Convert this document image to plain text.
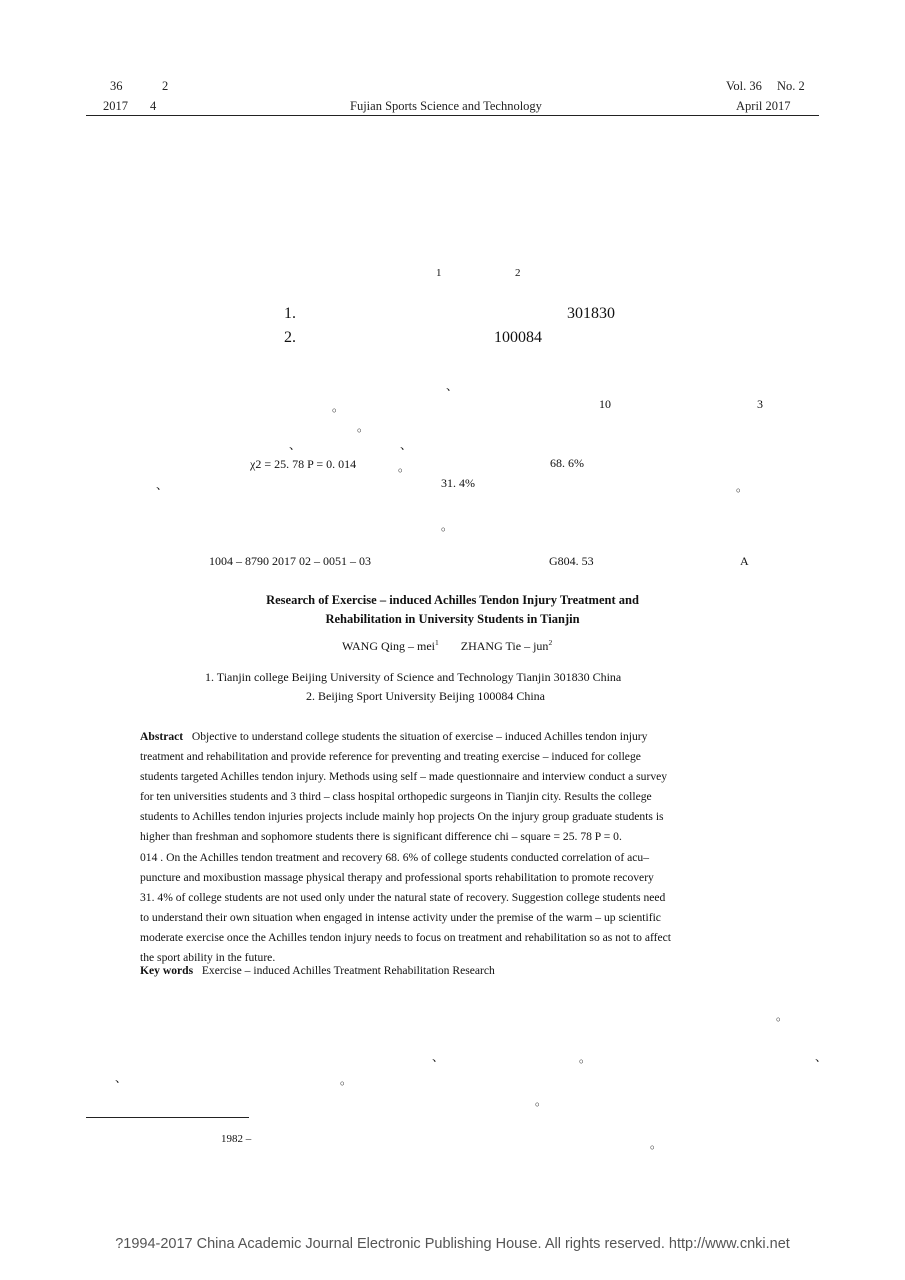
36	2
2017 4	Fujian Sports Science and Technology
Vol. 36 No. 2
April 2017
1	2
1.	301830
2.	100084
、
。	10	3
。
、	、
χ2 = 25. 78 P = 0. 014	。	68. 6%
、	31. 4%	。
。
1004 – 8790 2017 02 – 0051 – 03	G804. 53	A
Research of Exercise – induced Achilles Tendon Injury Treatment and
Rehabilitation in University Students in Tianjin
WANG Qing – mei$^1$ ZHANG Tie – jun$^2$
1. Tianjin college Beijing University of Science and Technology Tianjin 301830 China
2. Beijing Sport University Beijing 100084 China
Abstract Objective to understand college students the situation of exercise – induced Achilles tendon injury
treatment and rehabilitation and provide reference for preventing and treating exercise – induced for college
students targeted Achilles tendon injury. Methods using self – made questionnaire and interview conduct a survey
for ten universities students and 3 third – class hospital orthopedic surgeons in Tianjin city. Results the college
students to Achilles tendon injuries projects include mainly hop projects On the injury group graduate students is
higher than freshman and sophomore students there is significant difference chi – square = 25. 78 P = 0.
014 . On the Achilles tendon treatment and recovery 68. 6% of college students conducted correlation of acu–
puncture and moxibustion massage physical therapy and professional sports rehabilitation to promote recovery
31. 4% of college students are not used only under the natural state of recovery. Suggestion college students need
to understand their own situation when engaged in intense activity under the premise of the warm – up scientific
moderate exercise once the Achilles tendon injury needs to focus on treatment and rehabilitation so as not to affect
the sport ability in the future.
Key words Exercise – induced Achilles Treatment Rehabilitation Research
。
、	。	、
、	。
。
。
1982 –
?1994-2017 China Academic Journal Electronic Publishing House. All rights reserved. http://www.cnki.net
